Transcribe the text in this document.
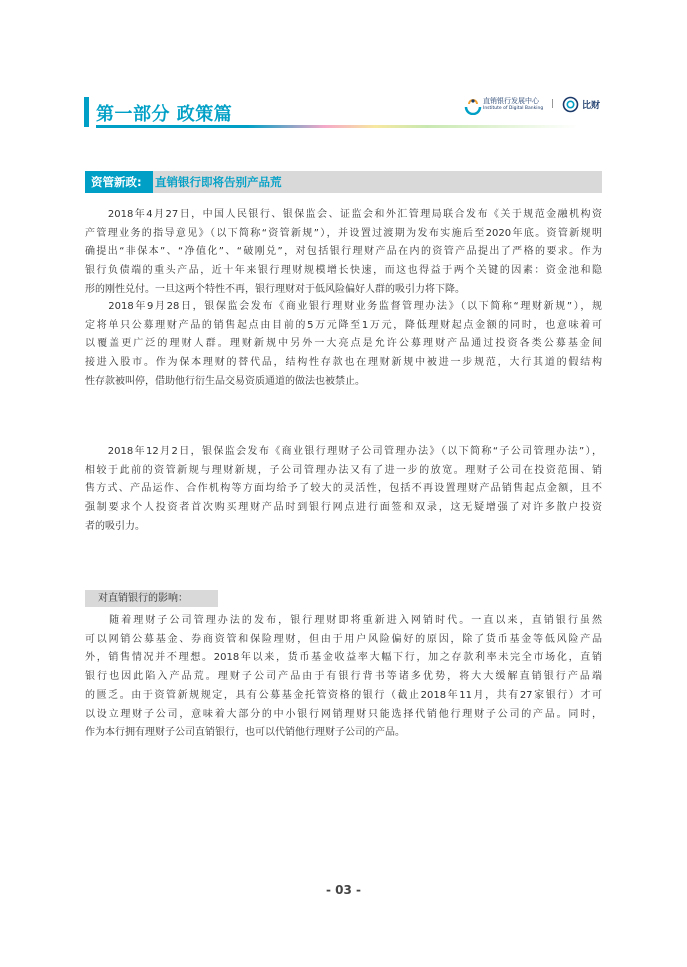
第一部分 政策篇
直销银行发展中心
Institute of Digital Banking |	比财
资管新政:	直销银行即将告别产品荒

　　2018年4月27日，中国人民银行、银保监会、证监会和外汇管理局联合发布《关于规范金融机构资

产管理业务的指导意见》（以下简称“资管新规”），并设置过渡期为发布实施后至2020年底。资管新规明

确提出“非保本”、“净值化”、“破刚兑”，对包括银行理财产品在内的资管产品提出了严格的要求。作为

银行负债端的重头产品，近十年来银行理财规模增长快速，而这也得益于两个关键的因素：资金池和隐

形的刚性兑付。一旦这两个特性不再，银行理财对于低风险偏好人群的吸引力将下降。

　　2018年9月28日，银保监会发布《商业银行理财业务监督管理办法》（以下简称“理财新规”），规

定将单只公募理财产品的销售起点由目前的5万元降至1万元，降低理财起点金额的同时，也意味着可

以覆盖更广泛的理财人群。理财新规中另外一大亮点是允许公募理财产品通过投资各类公募基金间

接进入股市。作为保本理财的替代品，结构性存款也在理财新规中被进一步规范，大行其道的假结构

性存款被叫停，借助他行衍生品交易资质通道的做法也被禁止。

　　2018年12月2日，银保监会发布《商业银行理财子公司管理办法》（以下简称“子公司管理办法”），

相较于此前的资管新规与理财新规，子公司管理办法又有了进一步的放宽。理财子公司在投资范围、销

售方式、产品运作、合作机构等方面均给予了较大的灵活性，包括不再设置理财产品销售起点金额，且不

强制要求个人投资者首次购买理财产品时到银行网点进行面签和双录，这无疑增强了对许多散户投资

者的吸引力。

对直销银行的影响：

　　随着理财子公司管理办法的发布，银行理财即将重新进入网销时代。一直以来，直销银行虽然

可以网销公募基金、券商资管和保险理财，但由于用户风险偏好的原因，除了货币基金等低风险产品

外，销售情况并不理想。2018年以来，货币基金收益率大幅下行，加之存款利率未完全市场化，直销

银行也因此陷入产品荒。理财子公司产品由于有银行背书等诸多优势，将大大缓解直销银行产品端

的匮乏。由于资管新规规定，具有公募基金托管资格的银行（截止2018年11月，共有27家银行）才可

以设立理财子公司，意味着大部分的中小银行网销理财只能选择代销他行理财子公司的产品。同时，

作为本行拥有理财子公司直销银行，也可以代销他行理财子公司的产品。

- 03 -
